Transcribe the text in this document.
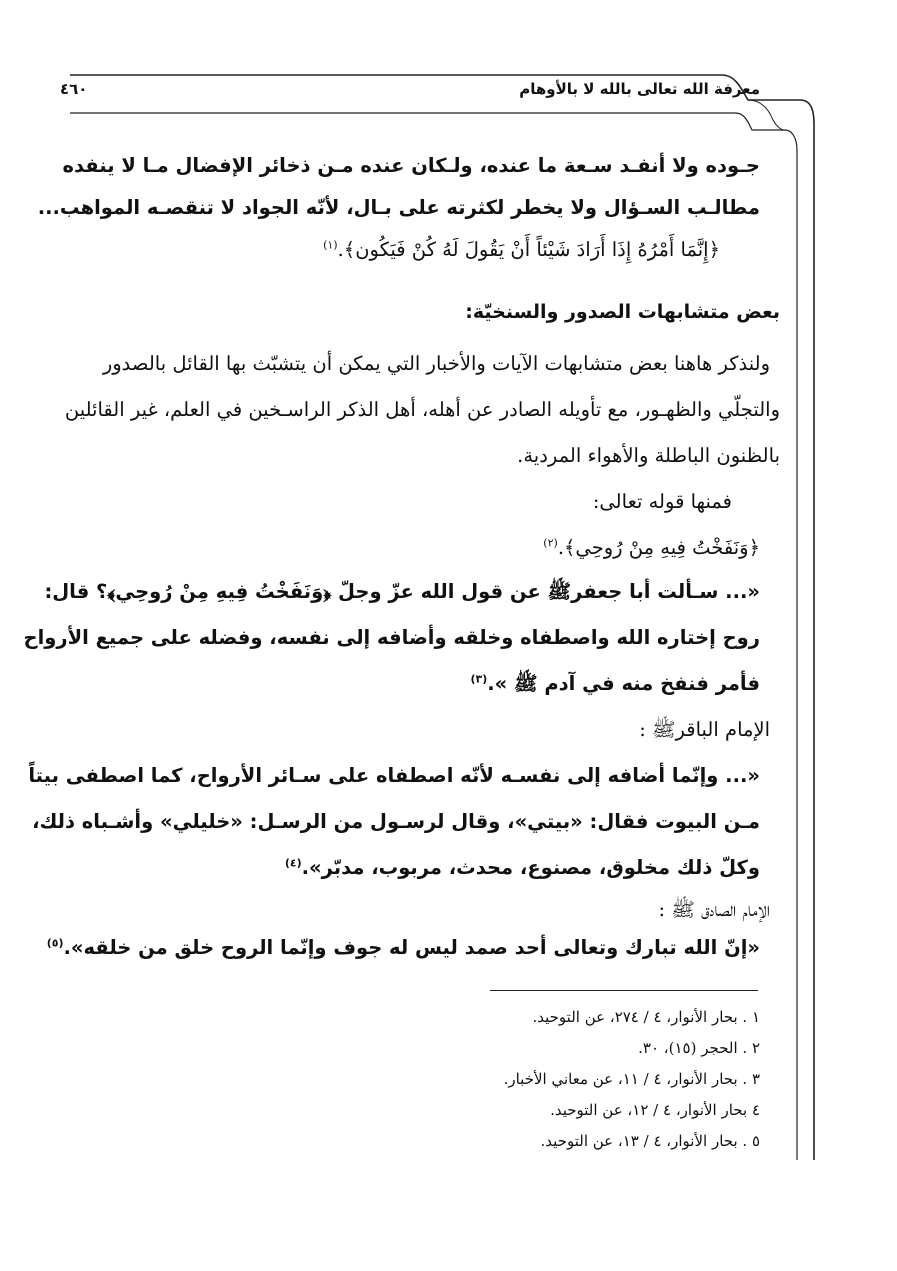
معرفة الله تعالى بالله لا بالأوهام
٤٦٠
جـوده ولا أنفـد سـعة ما عنده، ولـكان عنده مـن ذخائر الإفضال مـا لا ينفده
مطالـب السـؤال ولا يخطر لكثرته على بـال، لأنّه الجواد لا تنقصـه المواهب...
﴿إِنَّمَا أَمْرُهُ إِذَا أَرَادَ شَيْئاً أَنْ يَقُولَ لَهُ كُنْ فَيَكُون﴾.$^{(١)}$
بعض متشابهات الصدور والسنخيّة:
ولنذكر هاهنا بعض متشابهات الآيات والأخبار التي يمكن أن يتشبّث بها القائل بالصدور
والتجلّي والظهـور، مع تأويله الصادر عن أهله، أهل الذكر الراسـخين في العلم، غير القائلين
بالظنون الباطلة والأهواء المردية.
فمنها قوله تعالى:
﴿وَنَفَخْتُ فِيهِ مِنْ رُوحِي﴾.$^{(٢)}$
«... سـألت أبا جعفرﷺ عن قول الله عزّ وجلّ ﴿وَنَفَخْتُ فِيهِ مِنْ رُوحِي﴾؟ قال:
روح إختاره الله واصطفاه وخلقه وأضافه إلى نفسه، وفضله على جميع الأرواح
فأمر فنفخ منه في آدم ﷺ ».$^{(٣)}$
الإمام الباقرﷺ :
«... وإنّما أضافه إلى نفسـه لأنّه اصطفاه على سـائر الأرواح، كما اصطفى بيتاً
مـن البيوت فقال: «بيتي»، وقال لرسـول من الرسـل: «خليلي» وأشـباه ذلك،
وكلّ ذلك مخلوق، مصنوع، محدث، مربوب، مدبّر».$^{(٤)}$
الإمام الصادق ﷺ :
«إنّ الله تبارك وتعالى أحد صمد ليس له جوف وإنّما الروح خلق من خلقه».$^{(٥)}$
١ . بحار الأنوار، ٤ / ٢٧٤، عن التوحيد.
٢ . الحجر (١٥)، ٣٠.
٣ . بحار الأنوار، ٤ / ١١، عن معاني الأخبار.
٤ بحار الأنوار، ٤ / ١٢، عن التوحيد.
٥ . بحار الأنوار، ٤ / ١٣، عن التوحيد.
